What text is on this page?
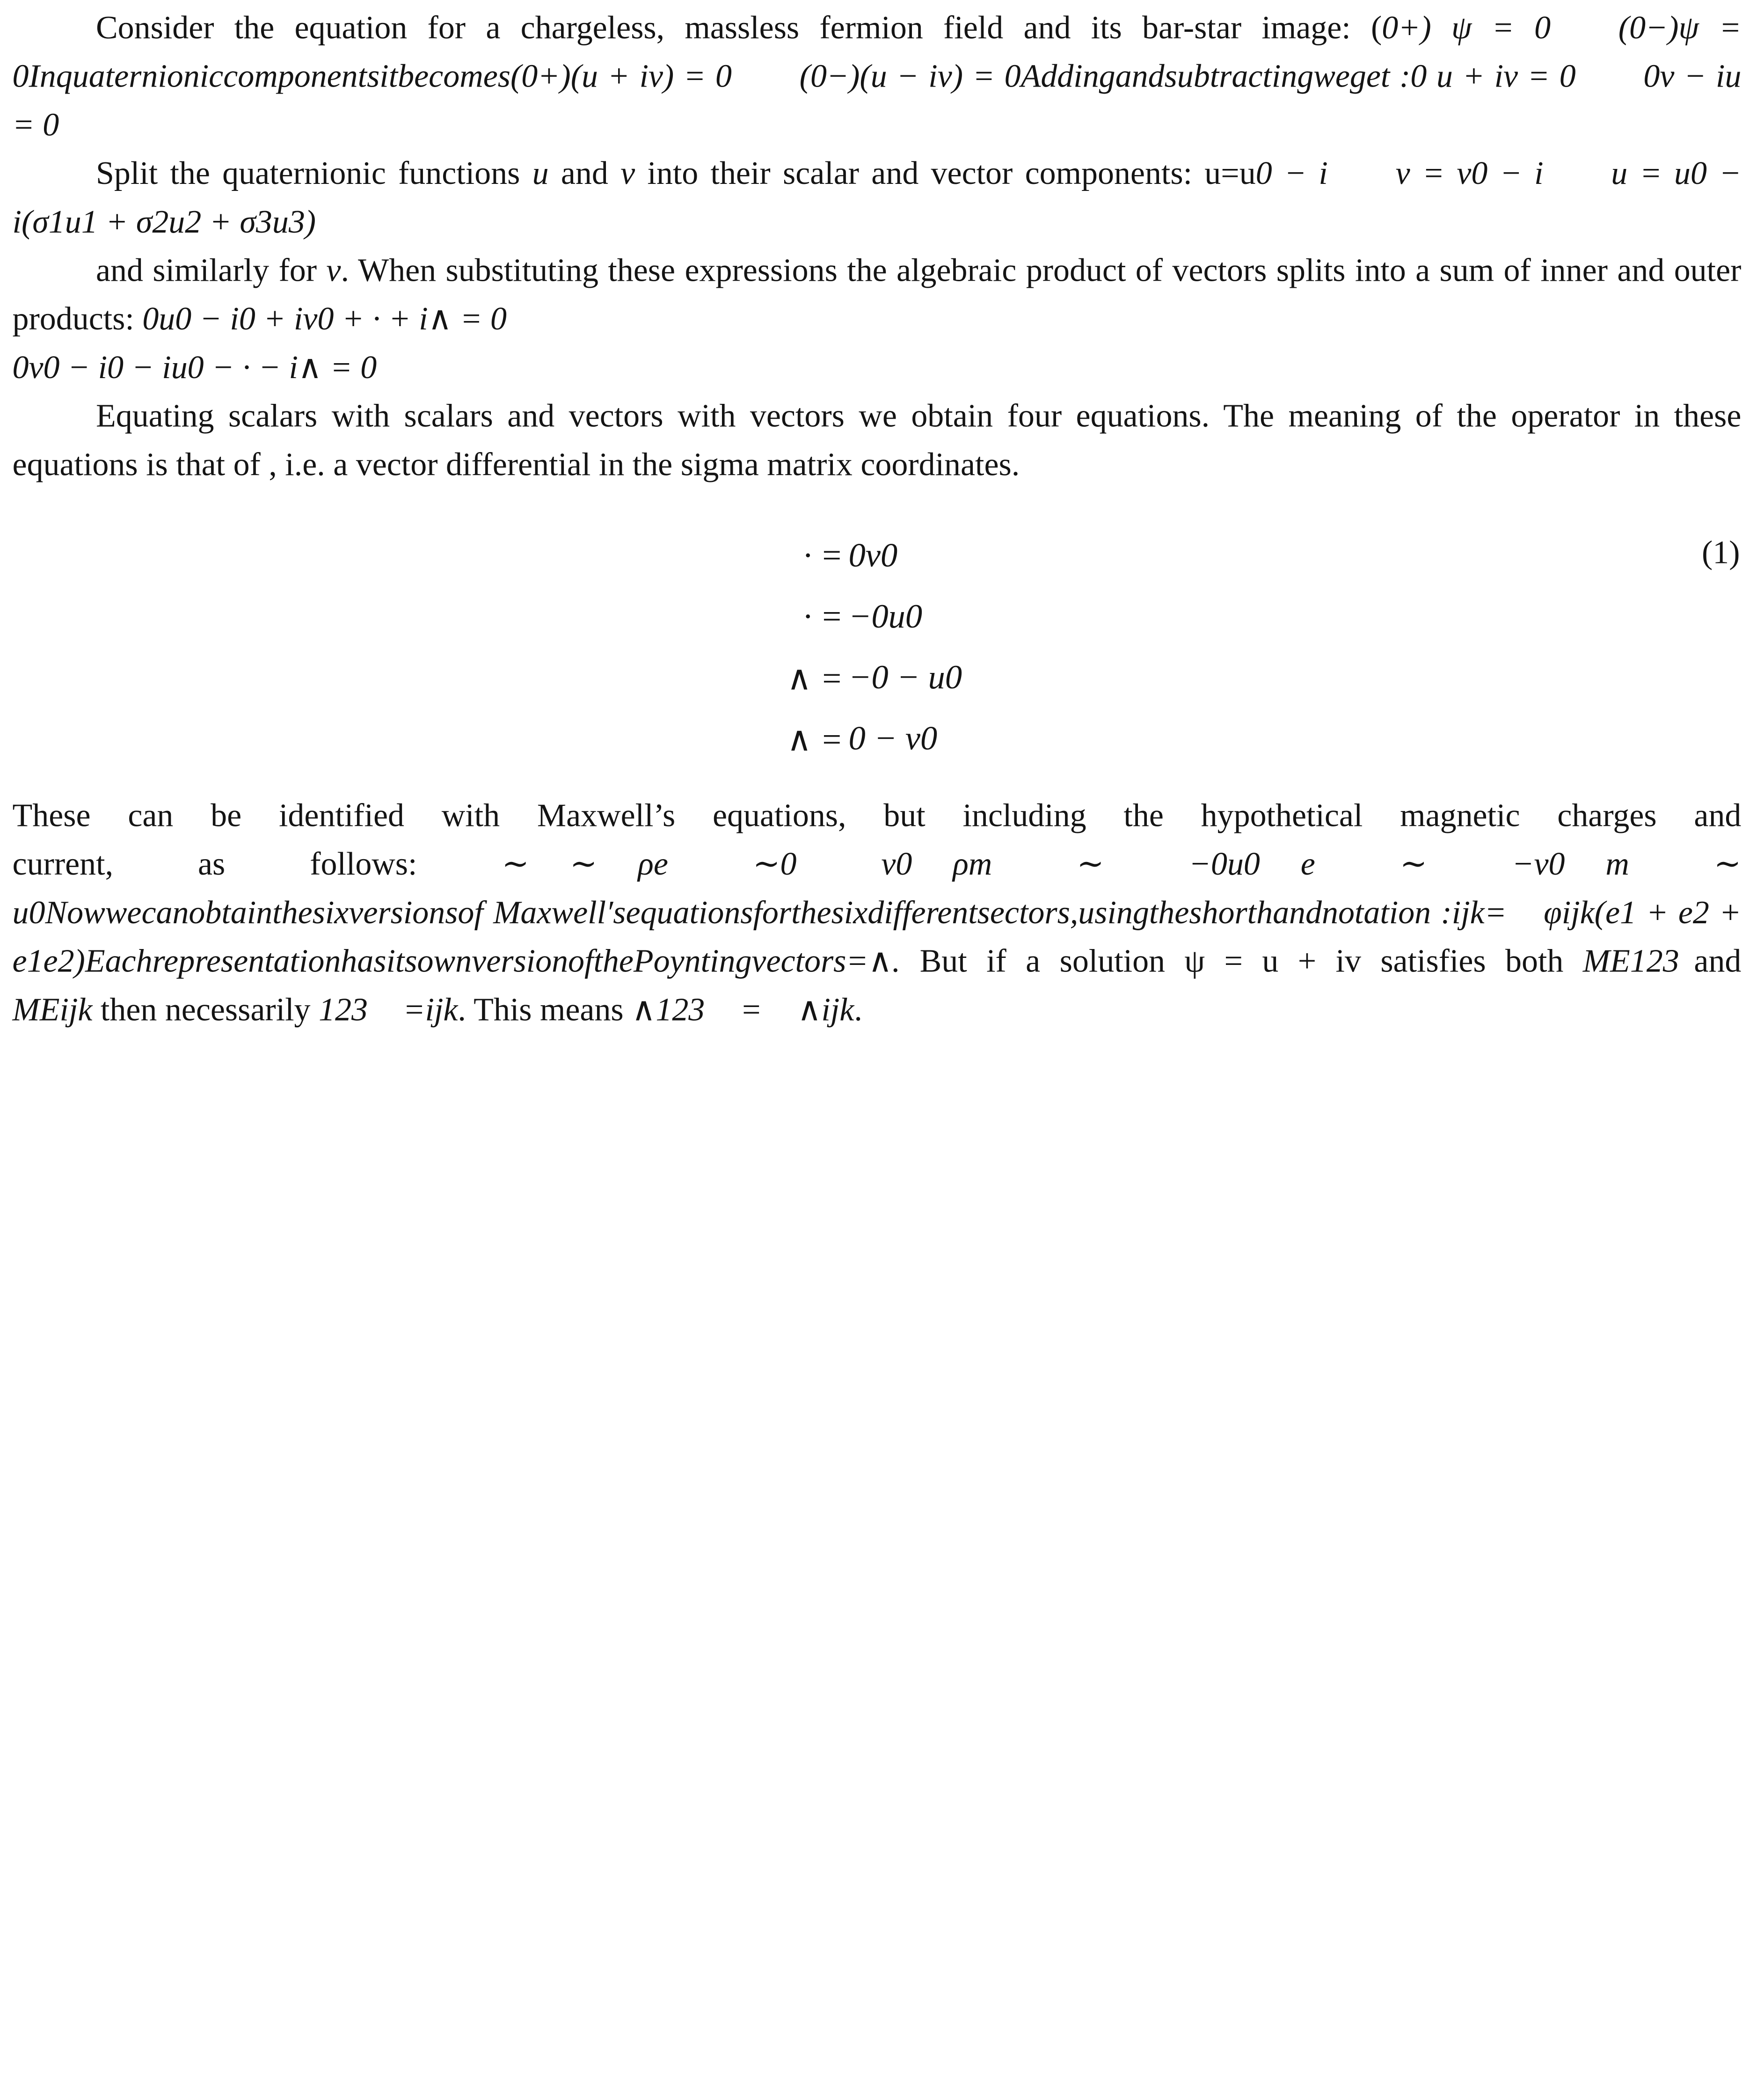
Consider the equation for a chargeless, massless fermion field and its bar-star image: (0+) ψ = 0	(0−)ψ = 0Inquaternioniccomponentsitbecomes(0+)(u + iv) = 0	(0−)(u − iv) = 0Addingandsubtractingweget :0 u + iv = 0	0v − iu = 0

Split the quaternionic functions u and v into their scalar and vector components: u=u0 − i	v = v0 − i	u = u0 − i(σ1u1 + σ2u2 + σ3u3)

and similarly for v. When substituting these expressions the algebraic product of vectors splits into a sum of inner and outer products: 0u0 − i0 + iv0 + · + i∧ = 0
0v0 − i0 − iu0 − · − i∧ = 0

Equating scalars with scalars and vectors with vectors we obtain four equations. The meaning of the operator in these equations is that of , i.e. a vector differential in the sigma matrix coordinates.

· = 0v0
· = −0u0
∧ = −0 − u0
∧ = 0 − v0
(1)

These can be identified with Maxwell’s equations, but including the hypothetical magnetic charges and current, as follows: ∼	∼	ρe ∼0 v0	ρm ∼ −0u0	e ∼ −v0	m ∼ u0Nowwecanobtainthesixversionsof Maxwell′sequationsforthesixdifferentsectors,usingtheshorthandnotation :ijk=	φijk(e1 + e2 + e1e2)EachrepresentationhasitsownversionofthePoyntingvectors=∧. But if a solution ψ = u + iv satisfies both ME123 and MEijk then necessarily 123 =ijk. This means ∧123 = ∧ijk.
